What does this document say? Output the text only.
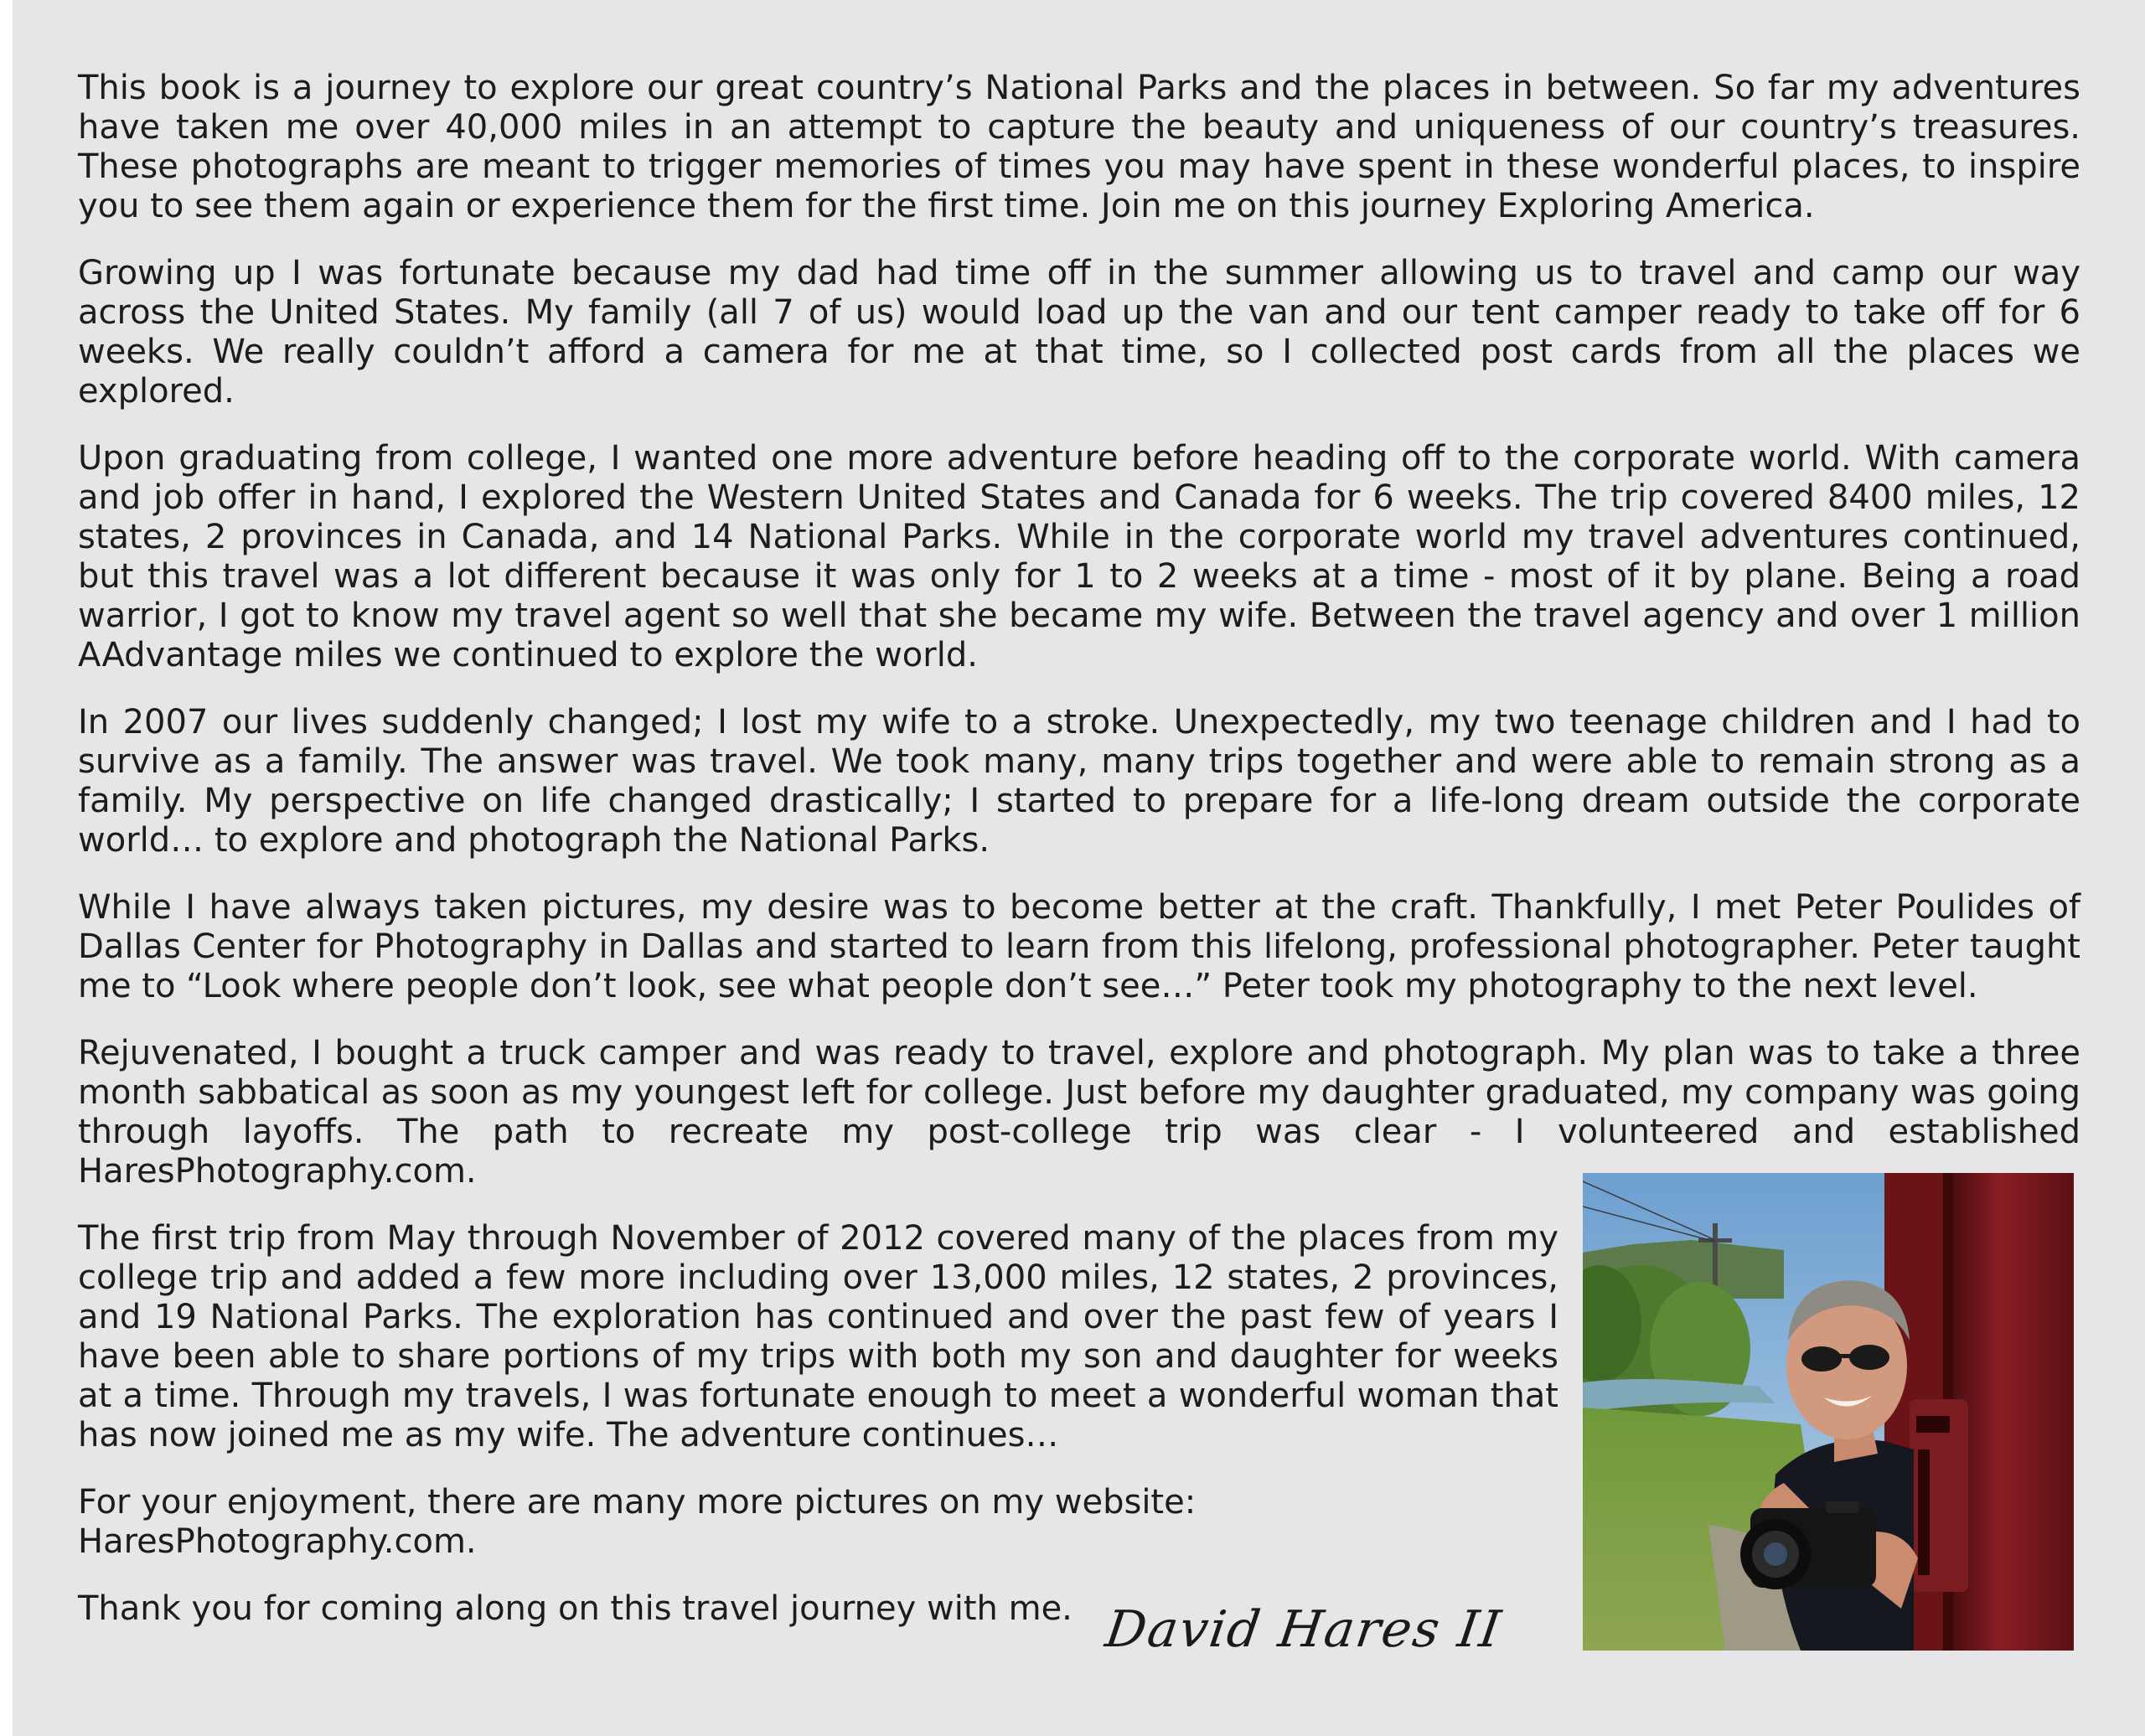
This book is a journey to explore our great country’s National Parks and the places in between. So far my adventures have taken me over 40,000 miles in an attempt to capture the beauty and uniqueness of our country’s treasures. These photographs are meant to trigger memories of times you may have spent in these wonderful places, to inspire you to see them again or experience them for the first time. Join me on this journey Exploring America.

Growing up I was fortunate because my dad had time off in the summer allowing us to travel and camp our way across the United States. My family (all 7 of us) would load up the van and our tent camper ready to take off for 6 weeks. We really couldn’t afford a camera for me at that time, so I collected post cards from all the places we explored.

Upon graduating from college, I wanted one more adventure before heading off to the corporate world. With camera and job offer in hand, I explored the Western United States and Canada for 6 weeks. The trip covered 8400 miles, 12 states, 2 provinces in Canada, and 14 National Parks. While in the corporate world my travel adventures continued, but this travel was a lot different because it was only for 1 to 2 weeks at a time - most of it by plane. Being a road warrior, I got to know my travel agent so well that she became my wife. Between the travel agency and over 1 million AAdvantage miles we continued to explore the world.

In 2007 our lives suddenly changed; I lost my wife to a stroke. Unexpectedly, my two teenage children and I had to survive as a family. The answer was travel. We took many, many trips together and were able to remain strong as a family. My perspective on life changed drastically; I started to prepare for a life-long dream outside the corporate world… to explore and photograph the National Parks.

While I have always taken pictures, my desire was to become better at the craft. Thankfully, I met Peter Poulides of Dallas Center for Photography in Dallas and started to learn from this lifelong, professional photographer. Peter taught me to “Look where people don’t look, see what people don’t see…” Peter took my photography to the next level.

Rejuvenated, I bought a truck camper and was ready to travel, explore and photograph. My plan was to take a three month sabbatical as soon as my youngest left for college. Just before my daughter graduated, my company was going through layoffs. The path to recreate my post-college trip was clear - I volunteered and established HaresPhotography.com.

The first trip from May through November of 2012 covered many of the places from my college trip and added a few more including over 13,000 miles, 12 states, 2 provinces, and 19 National Parks. The exploration has continued and over the past few of years I have been able to share portions of my trips with both my son and daughter for weeks at a time. Through my travels, I was fortunate enough to meet a wonderful woman that has now joined me as my wife. The adventure continues…

For your enjoyment, there are many more pictures on my website:
HaresPhotography.com.

Thank you for coming along on this travel journey with me. David Hares II
